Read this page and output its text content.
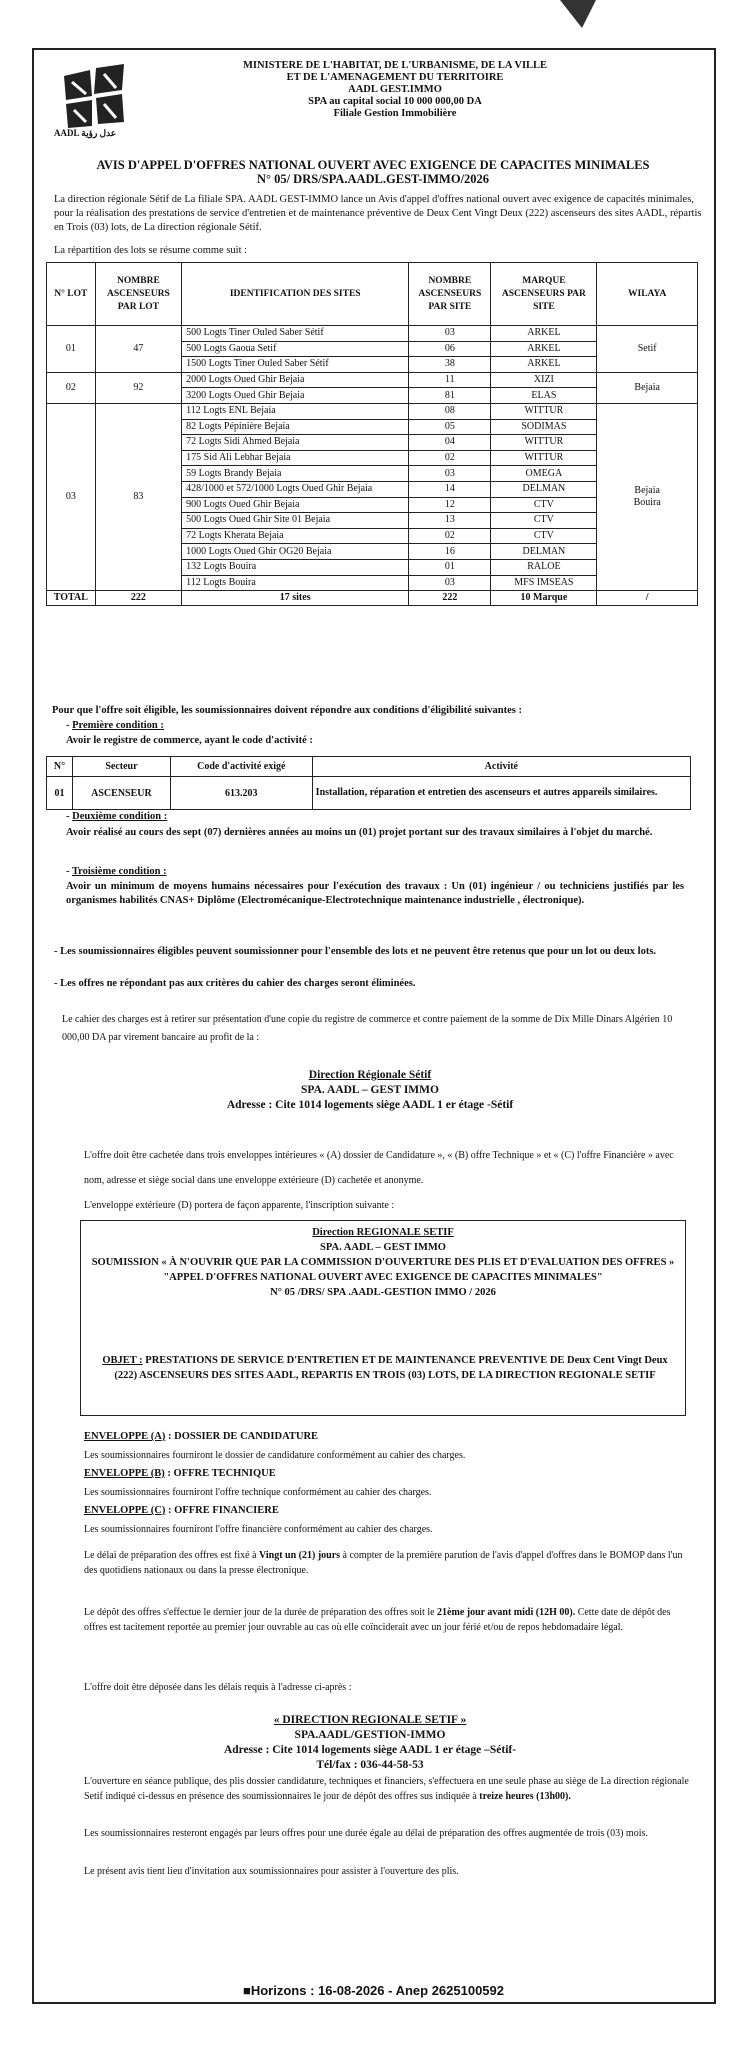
AADL عدل رؤية
MINISTERE DE L'HABITAT, DE L'URBANISME, DE LA VILLE
ET DE L'AMENAGEMENT DU TERRITOIRE
AADL GEST.IMMO
SPA au capital social 10 000 000,00 DA
Filiale Gestion Immobilière
AVIS D'APPEL D'OFFRES NATIONAL OUVERT AVEC EXIGENCE DE CAPACITES MINIMALES
N° 05/ DRS/SPA.AADL.GEST-IMMO/2026
La direction régionale Sétif de La filiale SPA. AADL GEST-IMMO lance un Avis d'appel d'offres national ouvert avec exigence de capacités minimales, pour la réalisation des prestations de service d'entretien et de maintenance préventive de Deux Cent Vingt Deux (222) ascenseurs des sites AADL, répartis en Trois (03) lots, de La direction régionale Sétif.
La répartition des lots se résume comme suit :
N° LOT	NOMBRE ASCENSEURS PAR LOT	IDENTIFICATION DES SITES	NOMBRE ASCENSEURS PAR SITE	MARQUE ASCENSEURS PAR SITE	WILAYA
01	47	500 Logts Tiner Ouled Saber Sétif	03	ARKEL	Setif
		500 Logts Gaoua Setif	06	ARKEL	
		1500 Logts Tiner Ouled Saber Sétif	38	ARKEL	
02	92	2000 Logts Oued Ghir Bejaia	11	XIZI	Bejaia
		3200 Logts Oued Ghir Bejaia	81	ELAS	
03	83	112 Logts ENL Bejaia	08	WITTUR	Bejaia
Bouira
		82 Logts Pépinière Bejaia	05	SODIMAS	
		72 Logts Sidi Ahmed Bejaia	04	WITTUR	
		175 Sid Ali Lebhar Bejaia	02	WITTUR	
		59 Logts Brandy Bejaia	03	OMEGA	
		428/1000 et 572/1000 Logts Oued Ghir Bejaia	14	DELMAN	
		900 Logts Oued Ghir Bejaia	12	CTV	
		500 Logts Oued Ghir Site 01 Bejaia	13	CTV	
		72 Logts Kherata Bejaia	02	CTV	
		1000 Logts Oued Ghir OG20 Bejaia	16	DELMAN	
		132 Logts Bouira	01	RALOE	
		112 Logts Bouira	03	MFS IMSEAS	
TOTAL	222	17 sites	222	10 Marque	/
Pour que l'offre soit éligible, les soumissionnaires doivent répondre aux conditions d'éligibilité suivantes :
- Première condition :
Avoir le registre de commerce, ayant le code d'activité :
N°	Secteur	Code d'activité exigé	Activité
01	ASCENSEUR	613.203	Installation, réparation et entretien des ascenseurs et autres appareils similaires.
- Deuxième condition :
Avoir réalisé au cours des sept (07) dernières années au moins un (01) projet portant sur des travaux similaires à l'objet du marché.
- Troisième condition :
Avoir un minimum de moyens humains nécessaires pour l'exécution des travaux : Un (01) ingénieur / ou techniciens justifiés par les organismes habilités CNAS+ Diplôme (Electromécanique-Electrotechnique maintenance industrielle , électronique).
- Les soumissionnaires éligibles peuvent soumissionner pour l'ensemble des lots et ne peuvent être retenus que pour un lot ou deux lots.
- Les offres ne répondant pas aux critères du cahier des charges seront éliminées.
Le cahier des charges est à retirer sur présentation d'une copie du registre de commerce et contre paiement de la somme de Dix Mille Dinars Algérien 10 000,00 DA par virement bancaire au profit de la :
Direction Régionale Sétif
SPA. AADL – GEST IMMO
Adresse : Cite 1014 logements siège AADL 1 er étage -Sétif
L'offre doit être cachetée dans trois enveloppes intérieures « (A) dossier de Candidature », « (B) offre Technique » et « (C) l'offre Financière » avec nom, adresse et siège social dans une enveloppe extérieure (D) cachetée et anonyme.
L'enveloppe extérieure (D) portera de façon apparente, l'inscription suivante :
Direction REGIONALE SETIF
SPA. AADL – GEST IMMO
SOUMISSION « À N'OUVRIR QUE PAR LA COMMISSION D'OUVERTURE DES PLIS ET D'EVALUATION DES OFFRES »
"APPEL D'OFFRES NATIONAL OUVERT AVEC EXIGENCE DE CAPACITES MINIMALES"
N° 05 /DRS/ SPA .AADL-GESTION IMMO / 2026
OBJET : PRESTATIONS DE SERVICE D'ENTRETIEN ET DE MAINTENANCE PREVENTIVE DE Deux Cent Vingt Deux (222) ASCENSEURS DES SITES AADL, REPARTIS EN TROIS (03) LOTS, DE LA DIRECTION REGIONALE SETIF
ENVELOPPE (A) : DOSSIER DE CANDIDATURE
Les soumissionnaires fourniront le dossier de candidature conformément au cahier des charges.
ENVELOPPE (B) : OFFRE TECHNIQUE
Les soumissionnaires fourniront l'offre technique conformément au cahier des charges.
ENVELOPPE (C) : OFFRE FINANCIERE
Les soumissionnaires fourniront l'offre financière conformément au cahier des charges.
Le délai de préparation des offres est fixé à Vingt un (21) jours à compter de la première parution de l'avis d'appel d'offres dans le BOMOP dans l'un des quotidiens nationaux ou dans la presse électronique.
Le dépôt des offres s'effectue le dernier jour de la durée de préparation des offres soit le 21ème jour avant midi (12H 00). Cette date de dépôt des offres est tacitement reportée au premier jour ouvrable au cas où elle coïnciderait avec un jour férié et/ou de repos hebdomadaire légal.
L'offre doit être déposée dans les délais requis à l'adresse ci-après :
« DIRECTION REGIONALE SETIF »
SPA.AADL/GESTION-IMMO
Adresse : Cite 1014 logements siège AADL 1 er étage –Sétif-
Tél/fax : 036-44-58-53
L'ouverture en séance publique, des plis dossier candidature, techniques et financiers, s'effectuera en une seule phase au siège de La direction régionale Setif indiqué ci-dessus en présence des soumissionnaires le jour de dépôt des offres sus indiquée à treize heures (13h00).
Les soumissionnaires resteront engagés par leurs offres pour une durée égale au délai de préparation des offres augmentée de trois (03) mois.
Le présent avis tient lieu d'invitation aux soumissionnaires pour assister à l'ouverture des plis.
■Horizons : 16-08-2026 - Anep 2625100592
